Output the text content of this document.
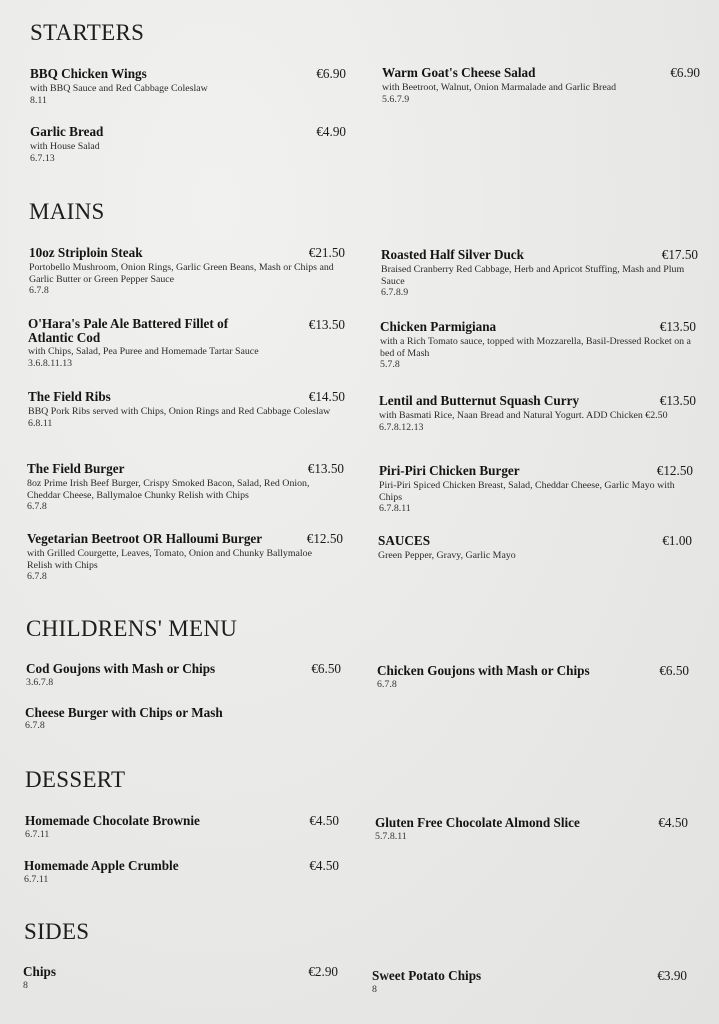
STARTERS
BBQ Chicken Wings	€6.90
with BBQ Sauce and Red Cabbage Coleslaw
8.11
Warm Goat's Cheese Salad	€6.90
with Beetroot, Walnut, Onion Marmalade and Garlic Bread
5.6.7.9
Garlic Bread	€4.90
with House Salad
6.7.13
MAINS
10oz Striploin Steak	€21.50
Portobello Mushroom, Onion Rings, Garlic Green Beans, Mash or Chips and Garlic Butter or Green Pepper Sauce
6.7.8
Roasted Half Silver Duck	€17.50
Braised Cranberry Red Cabbage, Herb and Apricot Stuffing, Mash and Plum Sauce
6.7.8.9
O'Hara's Pale Ale Battered Fillet of Atlantic Cod
€13.50
with Chips, Salad, Pea Puree and Homemade Tartar Sauce
3.6.8.11.13
Chicken Parmigiana	€13.50
with a Rich Tomato sauce, topped with Mozzarella, Basil-Dressed Rocket on a bed of Mash
5.7.8
The Field Ribs	€14.50
BBQ Pork Ribs served with Chips, Onion Rings and Red Cabbage Coleslaw
6.8.11
Lentil and Butternut Squash Curry	€13.50
with Basmati Rice, Naan Bread and Natural Yogurt. ADD Chicken €2.50
6.7.8.12.13
The Field Burger	€13.50
8oz Prime Irish Beef Burger, Crispy Smoked Bacon, Salad, Red Onion, Cheddar Cheese, Ballymaloe Chunky Relish with Chips
6.7.8
Piri-Piri Chicken Burger	€12.50
Piri-Piri Spiced Chicken Breast, Salad, Cheddar Cheese, Garlic Mayo with Chips
6.7.8.11
Vegetarian Beetroot OR Halloumi Burger	€12.50
with Grilled Courgette, Leaves, Tomato, Onion and Chunky Ballymaloe Relish with Chips
6.7.8
SAUCES	€1.00
Green Pepper, Gravy, Garlic Mayo
CHILDRENS' MENU
Cod Goujons with Mash or Chips	€6.50
3.6.7.8
Chicken Goujons with Mash or Chips	€6.50
6.7.8
Cheese Burger with Chips or Mash
6.7.8
DESSERT
Homemade Chocolate Brownie	€4.50
6.7.11
Gluten Free Chocolate Almond Slice	€4.50
5.7.8.11
Homemade Apple Crumble	€4.50
6.7.11
SIDES
Chips	€2.90
8
Sweet Potato Chips	€3.90
8
